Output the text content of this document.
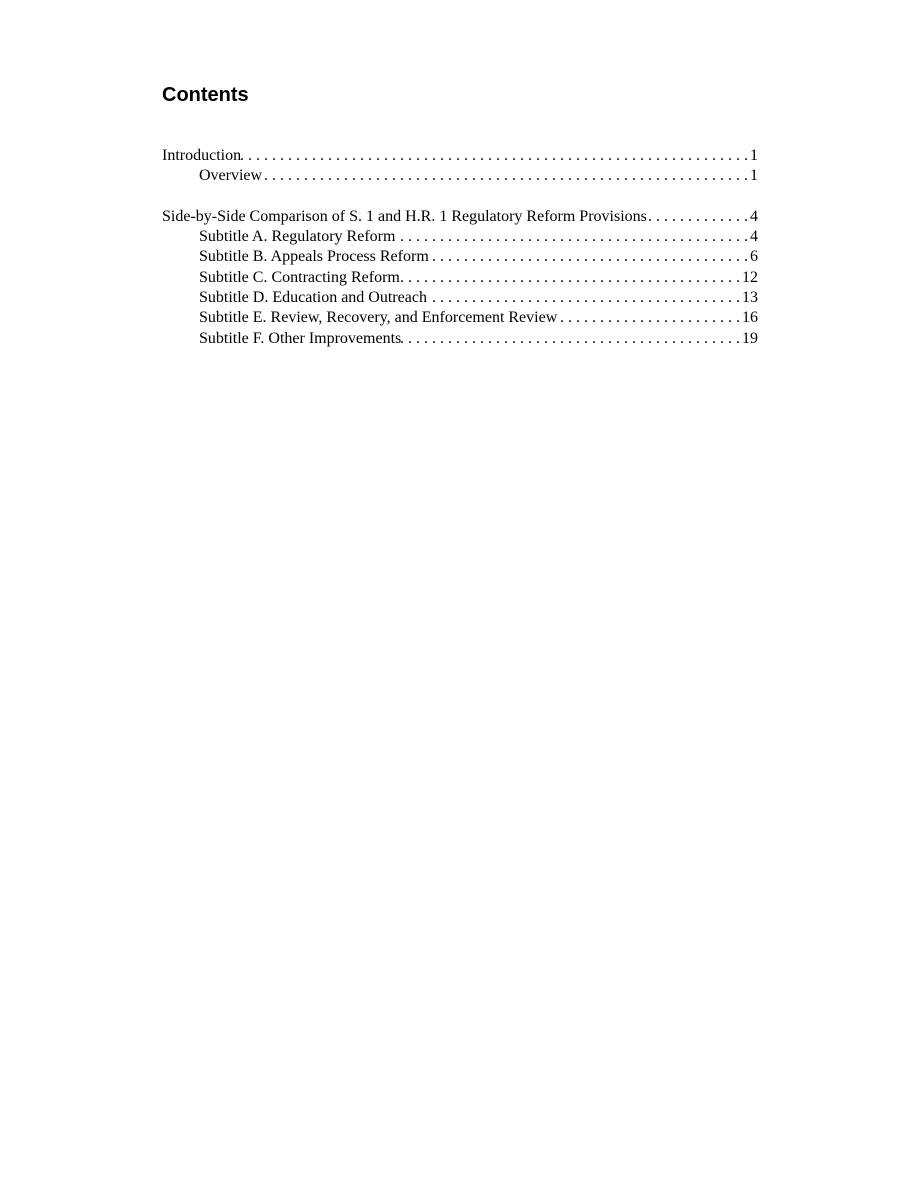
Contents
Introduction . . .	1
Overview . . .	1
Side-by-Side Comparison of S. 1 and H.R. 1 Regulatory Reform Provisions . . .	4
Subtitle A. Regulatory Reform . . .	4
Subtitle B. Appeals Process Reform . . .	6
Subtitle C. Contracting Reform . . .	12
Subtitle D. Education and Outreach . . .	13
Subtitle E. Review, Recovery, and Enforcement Review . . .	16
Subtitle F. Other Improvements . . .	19
